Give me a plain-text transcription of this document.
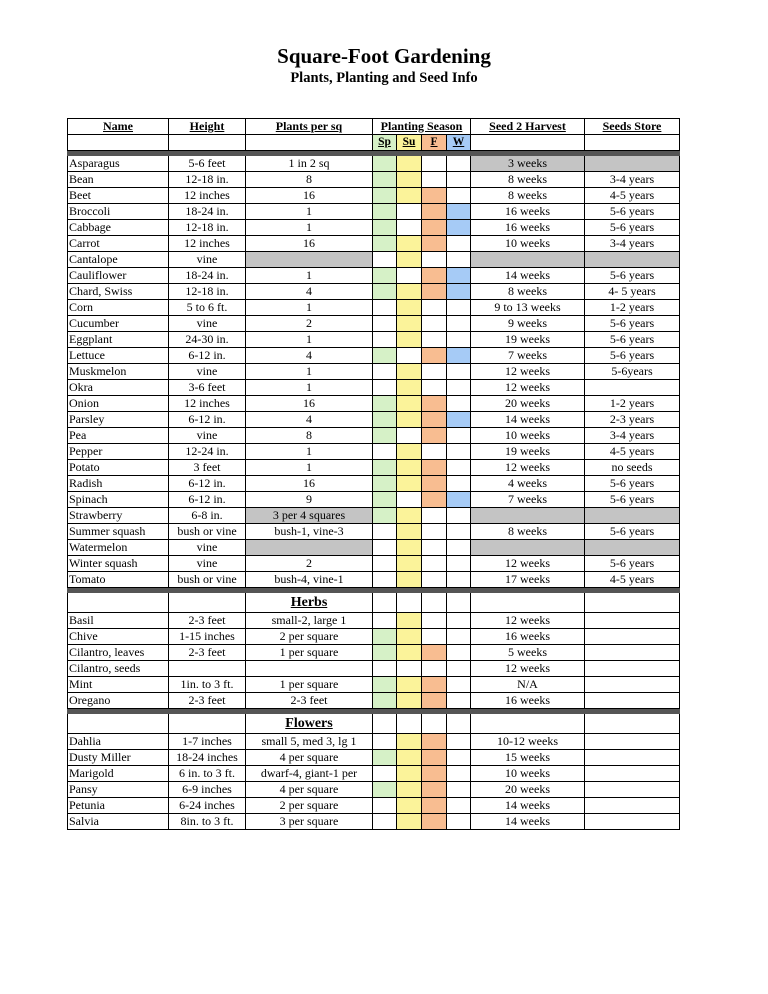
Square-Foot Gardening
Plants, Planting and Seed Info
Name	Height	Plants per sq	Planting Season				Seed 2 Harvest	Seeds Store
			Sp	Su	F	W		

Asparagus	5-6 feet	1 in 2 sq					3 weeks	
Bean	12-18 in.	8					8 weeks	3-4 years
Beet	12 inches	16					8 weeks	4-5 years
Broccoli	18-24 in.	1					16 weeks	5-6 years
Cabbage	12-18 in.	1					16 weeks	5-6 years
Carrot	12 inches	16					10 weeks	3-4 years
Cantalope	vine							
Cauliflower	18-24 in.	1					14 weeks	5-6 years
Chard, Swiss	12-18 in.	4					8 weeks	4- 5 years
Corn	5 to 6 ft.	1					9 to 13 weeks	1-2 years
Cucumber	vine	2					9 weeks	5-6 years
Eggplant	24-30 in.	1					19 weeks	5-6 years
Lettuce	6-12 in.	4					7 weeks	5-6 years
Muskmelon	vine	1					12 weeks	5-6years
Okra	3-6 feet	1					12 weeks	
Onion	12 inches	16					20 weeks	1-2 years
Parsley	6-12 in.	4					14 weeks	2-3 years
Pea	vine	8					10 weeks	3-4 years
Pepper	12-24 in.	1					19 weeks	4-5 years
Potato	3 feet	1					12 weeks	no seeds
Radish	6-12 in.	16					4 weeks	5-6 years
Spinach	6-12 in.	9					7 weeks	5-6 years
Strawberry	6-8 in.	3 per 4 squares						
Summer squash	bush or vine	bush-1, vine-3					8 weeks	5-6 years
Watermelon	vine							
Winter squash	vine	2					12 weeks	5-6 years
Tomato	bush or vine	bush-4, vine-1					17 weeks	4-5 years

		Herbs						
Basil	2-3 feet	small-2, large 1					12 weeks	
Chive	1-15 inches	2 per square					16 weeks	
Cilantro, leaves	2-3 feet	1 per square					5 weeks	
Cilantro, seeds							12 weeks	
Mint	1in. to 3 ft.	1 per square					N/A	
Oregano	2-3 feet	2-3 feet					16 weeks	

		Flowers						
Dahlia	1-7 inches	small 5, med 3, lg 1					10-12 weeks	
Dusty Miller	18-24 inches	4 per square					15 weeks	
Marigold	6 in. to 3 ft.	dwarf-4, giant-1 per					10 weeks	
Pansy	6-9 inches	4 per square					20 weeks	
Petunia	6-24 inches	2 per square					14 weeks	
Salvia	8in. to 3 ft.	3 per square					14 weeks	
